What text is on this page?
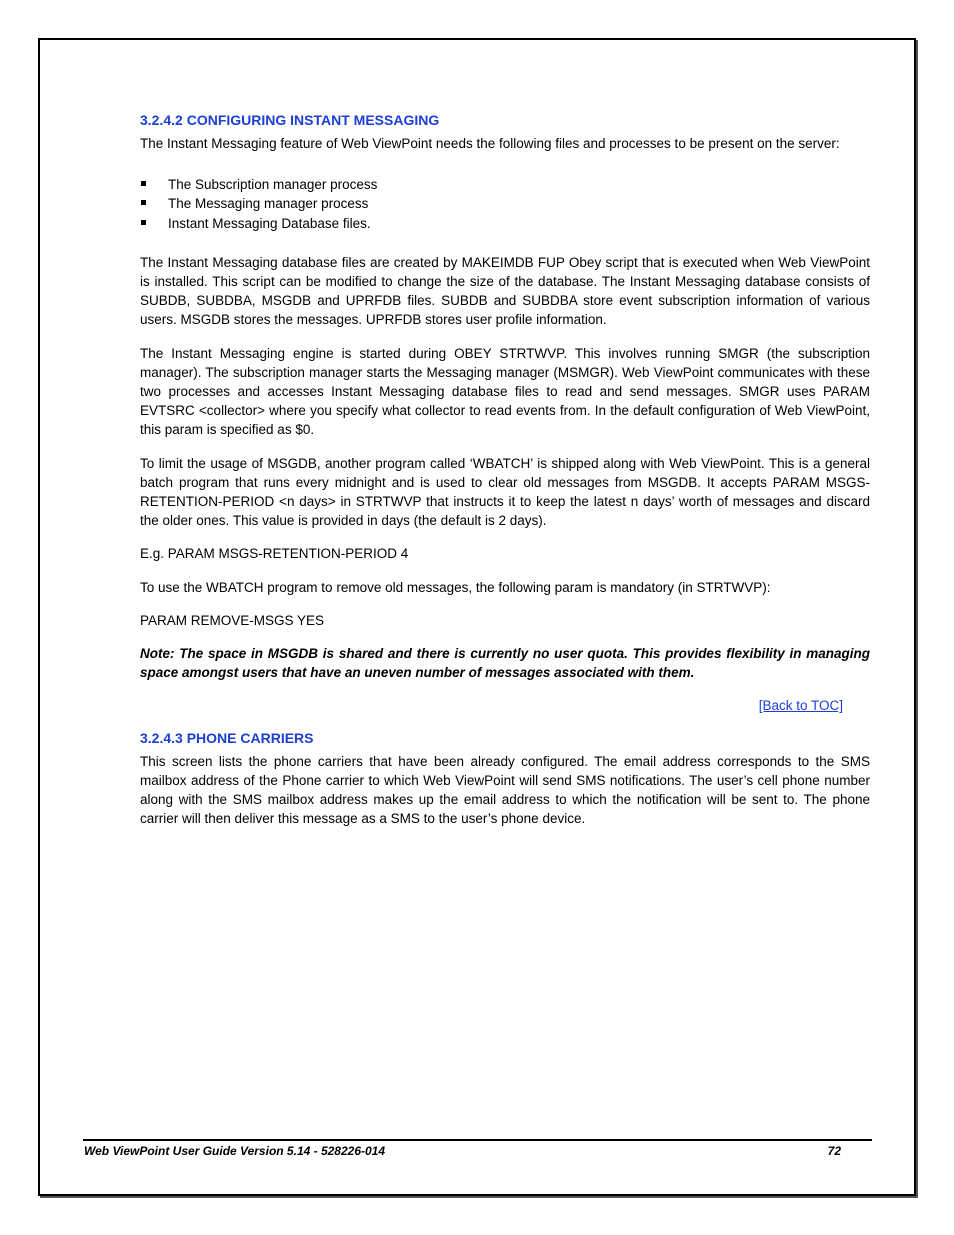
3.2.4.2 CONFIGURING INSTANT MESSAGING

The Instant Messaging feature of Web ViewPoint needs the following files and processes to be present on the server:

The Subscription manager process
The Messaging manager process
Instant Messaging Database files.

The Instant Messaging database files are created by MAKEIMDB FUP Obey script that is executed when Web ViewPoint is installed. This script can be modified to change the size of the database. The Instant Messaging database consists of SUBDB, SUBDBA, MSGDB and UPRFDB files. SUBDB and SUBDBA store event subscription information of various users. MSGDB stores the messages. UPRFDB stores user profile information.

The Instant Messaging engine is started during OBEY STRTWVP. This involves running SMGR (the subscription manager). The subscription manager starts the Messaging manager (MSMGR). Web ViewPoint communicates with these two processes and accesses Instant Messaging database files to read and send messages. SMGR uses PARAM EVTSRC <collector> where you specify what collector to read events from. In the default configuration of Web ViewPoint, this param is specified as $0.

To limit the usage of MSGDB, another program called ‘WBATCH’ is shipped along with Web ViewPoint. This is a general batch program that runs every midnight and is used to clear old messages from MSGDB. It accepts PARAM MSGS-RETENTION-PERIOD <n days> in STRTWVP that instructs it to keep the latest n days’ worth of messages and discard the older ones. This value is provided in days (the default is 2 days).

E.g. PARAM MSGS-RETENTION-PERIOD 4

To use the WBATCH program to remove old messages, the following param is mandatory (in STRTWVP):

PARAM REMOVE-MSGS YES

Note: The space in MSGDB is shared and there is currently no user quota. This provides flexibility in managing space amongst users that have an uneven number of messages associated with them.

[Back to TOC]
3.2.4.3 PHONE CARRIERS

This screen lists the phone carriers that have been already configured. The email address corresponds to the SMS mailbox address of the Phone carrier to which Web ViewPoint will send SMS notifications. The user’s cell phone number along with the SMS mailbox address makes up the email address to which the notification will be sent to. The phone carrier will then deliver this message as a SMS to the user’s phone device.

Web ViewPoint User Guide Version 5.14 - 528226-014	72
